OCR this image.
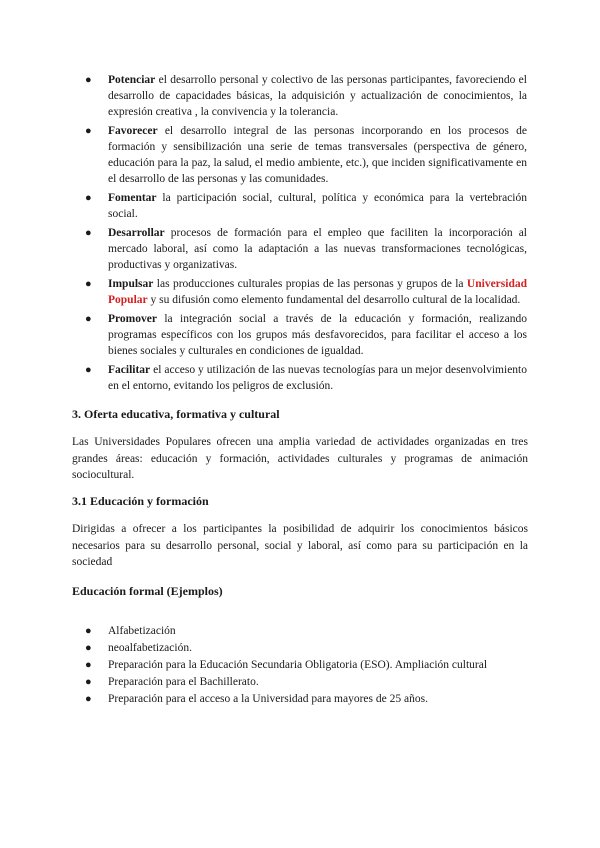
● Potenciar el desarrollo personal y colectivo de las personas participantes, favoreciendo el desarrollo de capacidades básicas, la adquisición y actualización de conocimientos, la expresión creativa , la convivencia y la tolerancia.
● Favorecer el desarrollo integral de las personas incorporando en los procesos de formación y sensibilización una serie de temas transversales (perspectiva de género, educación para la paz, la salud, el medio ambiente, etc.), que inciden significativamente en el desarrollo de las personas y las comunidades.
● Fomentar la participación social, cultural, política y económica para la vertebración social.
● Desarrollar procesos de formación para el empleo que faciliten la incorporación al mercado laboral, así como la adaptación a las nuevas transformaciones tecnológicas, productivas y organizativas.
● Impulsar las producciones culturales propias de las personas y grupos de la Universidad Popular y su difusión como elemento fundamental del desarrollo cultural de la localidad.
● Promover la integración social a través de la educación y formación, realizando programas específicos con los grupos más desfavorecidos, para facilitar el acceso a los bienes sociales y culturales en condiciones de igualdad.
● Facilitar el acceso y utilización de las nuevas tecnologías para un mejor desenvolvimiento en el entorno, evitando los peligros de exclusión.
3. Oferta educativa, formativa y cultural
Las Universidades Populares ofrecen una amplia variedad de actividades organizadas en tres grandes áreas: educación y formación, actividades culturales y programas de animación sociocultural.
3.1 Educación y formación
Dirigidas a ofrecer a los participantes la posibilidad de adquirir los conocimientos básicos necesarios para su desarrollo personal, social y laboral, así como para su participación en la sociedad
Educación formal (Ejemplos)
● Alfabetización
● neoalfabetización.
● Preparación para la Educación Secundaria Obligatoria (ESO). Ampliación cultural
● Preparación para el Bachillerato.
● Preparación para el acceso a la Universidad para mayores de 25 años.
